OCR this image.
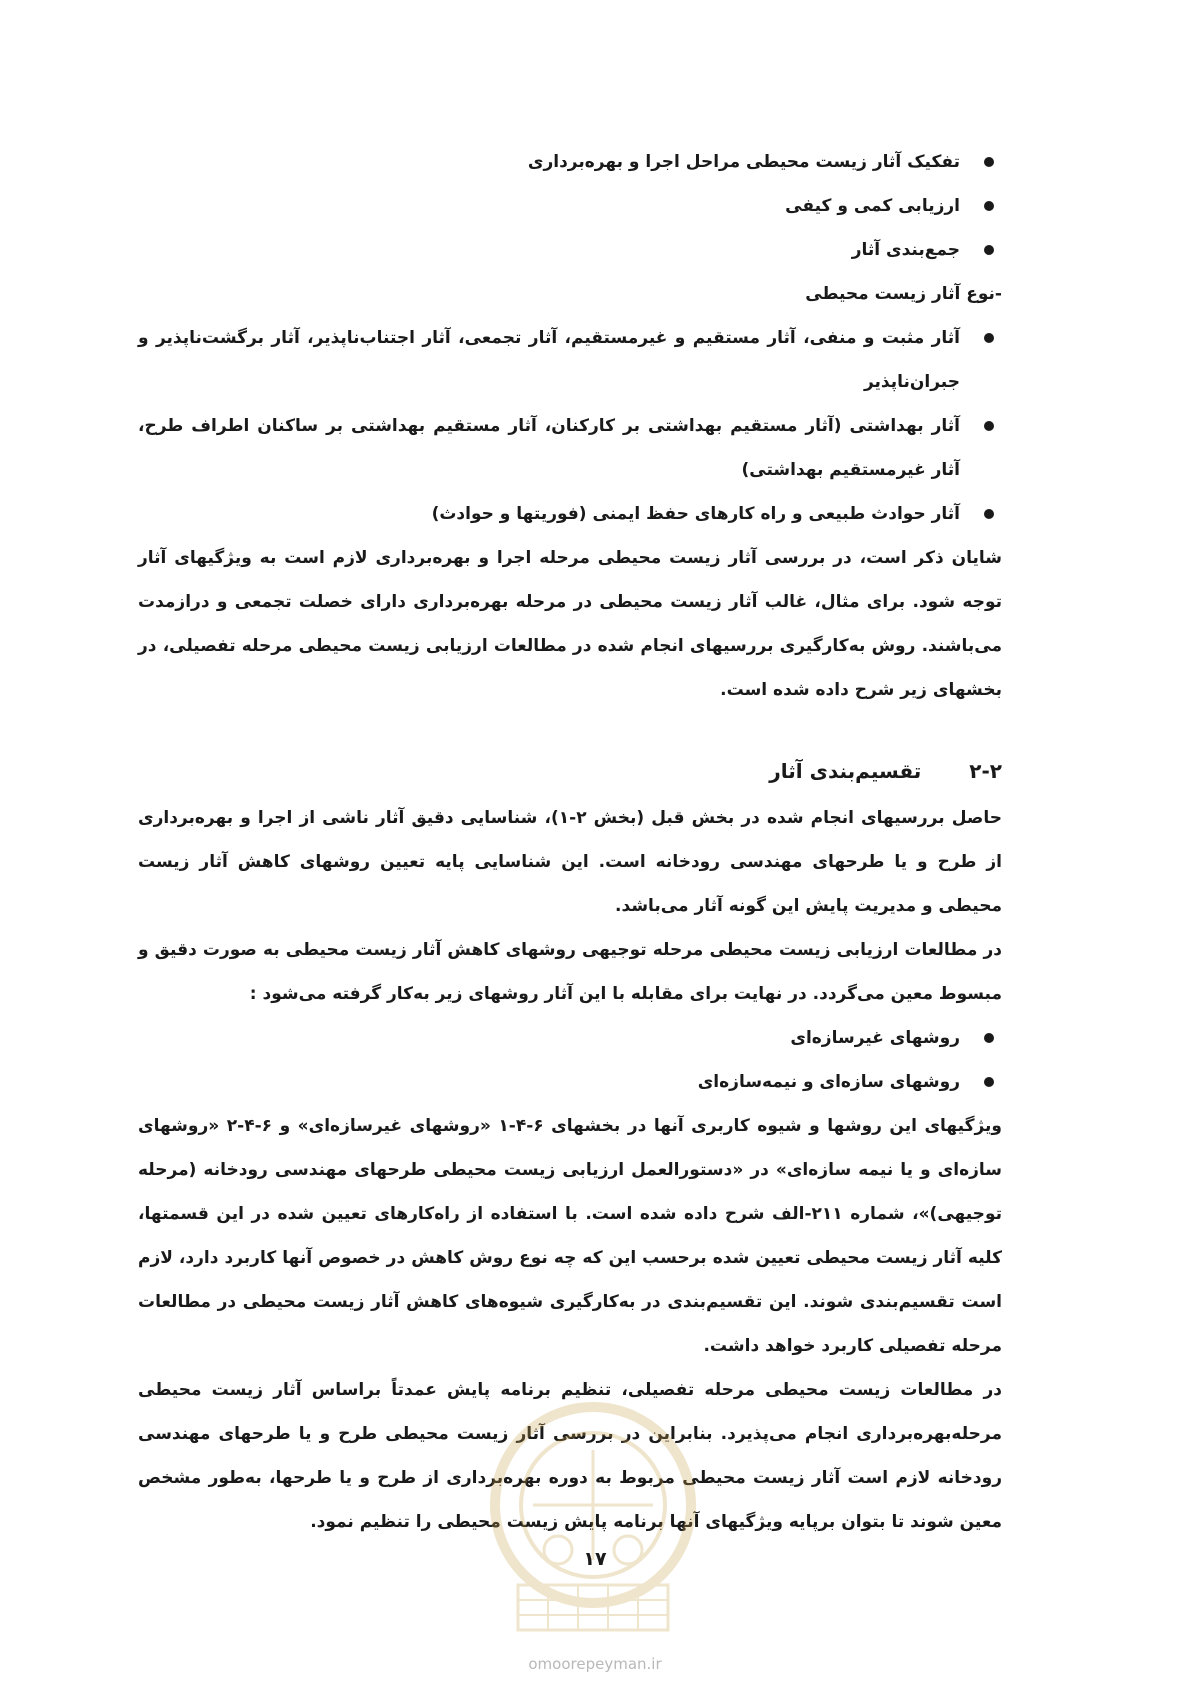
تفکیک آثار زیست محیطی مراحل اجرا و بهره‌برداری
ارزیابی کمی و کیفی
جمع‌بندی آثار

-نوع آثار زیست محیطی

آثار مثبت و منفی، آثار مستقیم و غیرمستقیم، آثار تجمعی، آثار اجتناب‌ناپذیر، آثار برگشت‌ناپذیر و جبران‌ناپذیر
آثار بهداشتی (آثار مستقیم بهداشتی بر کارکنان، آثار مستقیم بهداشتی بر ساکنان اطراف طرح، آثار غیرمستقیم بهداشتی)
آثار حوادث طبیعی و راه کارهای حفظ ایمنی (فوریتها و حوادث)

شایان ذکر است، در بررسی آثار زیست محیطی مرحله اجرا و بهره‌برداری لازم است به ویژگیهای آثار توجه شود. برای مثال، غالب آثار زیست محیطی در مرحله بهره‌برداری دارای خصلت تجمعی و درازمدت می‌باشند. روش به‌کارگیری بررسیهای انجام شده در مطالعات ارزیابی زیست محیطی مرحله تفصیلی، در بخشهای زیر شرح داده شده است.

۲-۲
تقسیم‌بندی آثار

حاصل بررسیهای انجام شده در بخش قبل (بخش ۲-۱)، شناسایی دقیق آثار ناشی از اجرا و بهره‌برداری از طرح و یا طرحهای مهندسی رودخانه است. این شناسایی پایه تعیین روشهای کاهش آثار زیست محیطی و مدیریت پایش این گونه آثار می‌باشد.

در مطالعات ارزیابی زیست محیطی مرحله توجیهی روشهای کاهش آثار زیست محیطی به صورت دقیق و مبسوط معین می‌گردد. در نهایت برای مقابله با این آثار روشهای زیر به‌کار گرفته می‌شود :

روشهای غیرسازه‌ای
روشهای سازه‌ای و نیمه‌سازه‌ای

ویژگیهای این روشها و شیوه کاربری آنها در بخشهای ۶-۴-۱ «روشهای غیرسازه‌ای» و ۶-۴-۲ «روشهای سازه‌ای و یا نیمه سازه‌ای» در «دستورالعمل ارزیابی زیست محیطی طرحهای مهندسی رودخانه (مرحله توجیهی)»، شماره ۲۱۱-الف شرح داده شده است. با استفاده از راه‌کارهای تعیین شده در این قسمتها، کلیه آثار زیست محیطی تعیین شده برحسب این که چه نوع روش کاهش در خصوص آنها کاربرد دارد، لازم است تقسیم‌بندی شوند. این تقسیم‌بندی در به‌کارگیری شیوه‌های کاهش آثار زیست محیطی در مطالعات مرحله تفصیلی کاربرد خواهد داشت.

در مطالعات زیست محیطی مرحله تفصیلی، تنظیم برنامه پایش عمدتاً براساس آثار زیست محیطی مرحله‌بهره‌برداری انجام می‌پذیرد. بنابراین در بررسی آثار زیست محیطی طرح و یا طرحهای مهندسی رودخانه لازم است آثار زیست محیطی مربوط به دوره بهره‌برداری از طرح و یا طرحها، به‌طور مشخص معین شوند تا بتوان برپایه ویژگیهای آنها برنامه پایش زیست محیطی را تنظیم نمود.

۱۷
omoorepeyman.ir
